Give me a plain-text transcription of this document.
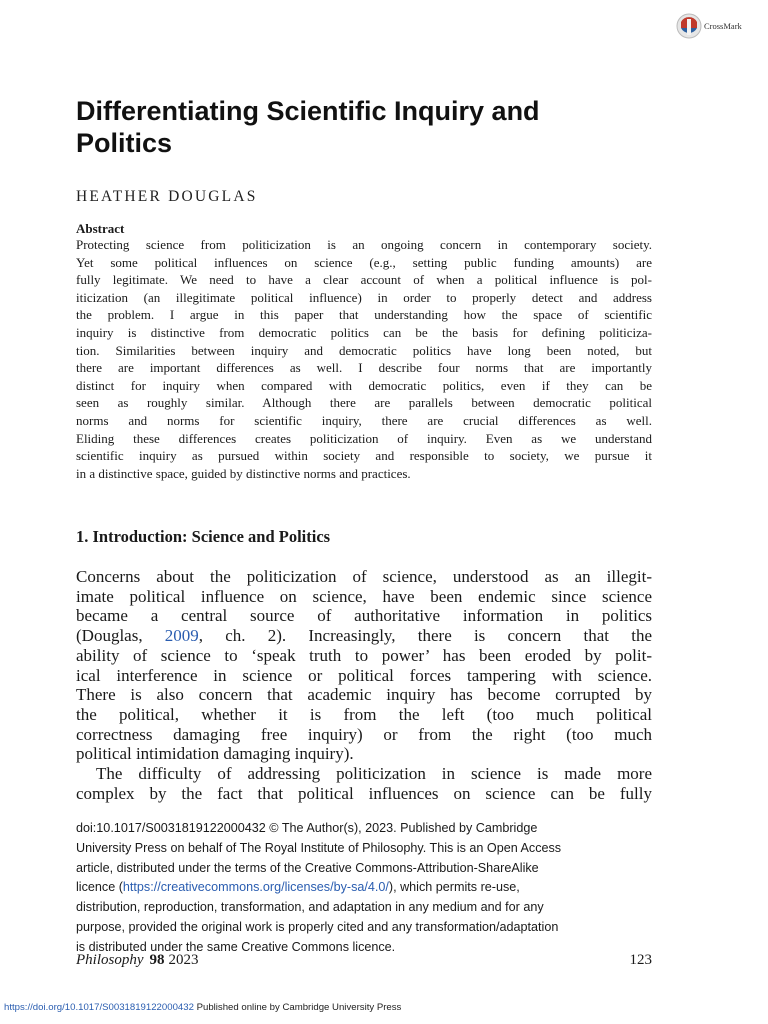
CrossMark
Differentiating Scientific Inquiry and
Politics

HEATHER DOUGLAS

Abstract

Protecting science from politicization is an ongoing concern in contemporary society.
Yet some political influences on science (e.g., setting public funding amounts) are
fully legitimate. We need to have a clear account of when a political influence is pol-
iticization (an illegitimate political influence) in order to properly detect and address
the problem. I argue in this paper that understanding how the space of scientific
inquiry is distinctive from democratic politics can be the basis for defining politiciza-
tion. Similarities between inquiry and democratic politics have long been noted, but
there are important differences as well. I describe four norms that are importantly
distinct for inquiry when compared with democratic politics, even if they can be
seen as roughly similar. Although there are parallels between democratic political
norms and norms for scientific inquiry, there are crucial differences as well.
Eliding these differences creates politicization of inquiry. Even as we understand
scientific inquiry as pursued within society and responsible to society, we pursue it
in a distinctive space, guided by distinctive norms and practices.
1. Introduction: Science and Politics
Concerns about the politicization of science, understood as an illegit-
imate political influence on science, have been endemic since science
became a central source of authoritative information in politics
(Douglas, 2009, ch. 2). Increasingly, there is concern that the
ability of science to ‘speak truth to power’ has been eroded by polit-
ical interference in science or political forces tampering with science.
There is also concern that academic inquiry has become corrupted by
the political, whether it is from the left (too much political
correctness damaging free inquiry) or from the right (too much
political intimidation damaging inquiry).
The difficulty of addressing politicization in science is made more
complex by the fact that political influences on science can be fully
doi:10.1017/S0031819122000432 © The Author(s), 2023. Published by Cambridge
University Press on behalf of The Royal Institute of Philosophy. This is an Open Access
article, distributed under the terms of the Creative Commons-Attribution-ShareAlike
licence (https://creativecommons.org/licenses/by-sa/4.0/), which permits re-use,
distribution, reproduction, transformation, and adaptation in any medium and for any
purpose, provided the original work is properly cited and any transformation/adaptation
is distributed under the same Creative Commons licence.
Philosophy 98 2023	123
https://doi.org/10.1017/S0031819122000432 Published online by Cambridge University Press
